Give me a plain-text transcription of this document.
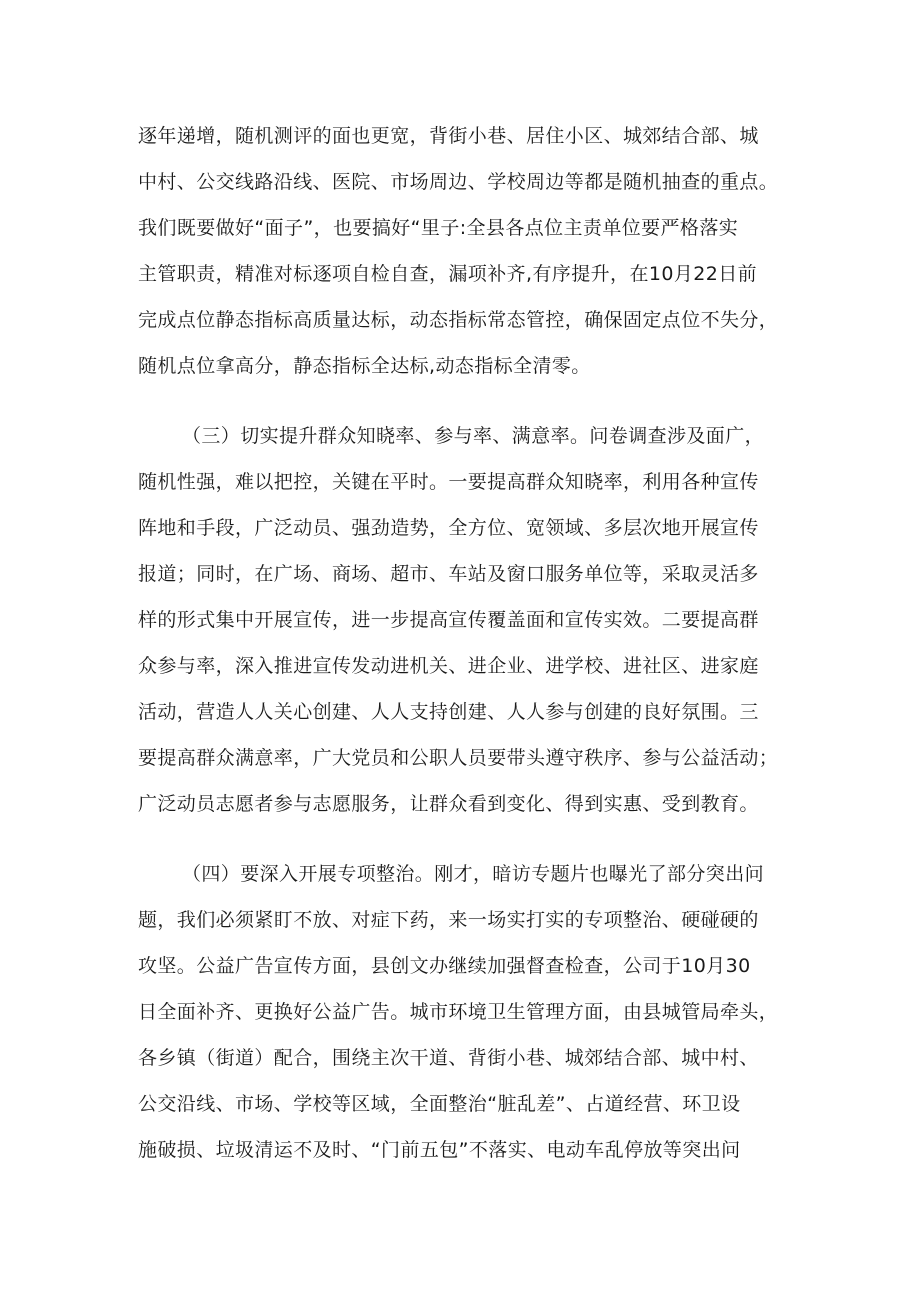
逐年递增，随机测评的面也更宽，背街小巷、居住小区、城郊结合部、城
中村、公交线路沿线、医院、市场周边、学校周边等都是随机抽查的重点。
我们既要做好“面子”，也要搞好“里子:全县各点位主责单位要严格落实
主管职责，精准对标逐项自检自查，漏项补齐,有序提升，在10月22日前
完成点位静态指标高质量达标，动态指标常态管控，确保固定点位不失分，
随机点位拿高分，静态指标全达标,动态指标全清零。
（三）切实提升群众知晓率、参与率、满意率。问卷调查涉及面广，
随机性强，难以把控，关键在平时。一要提高群众知晓率，利用各种宣传
阵地和手段，广泛动员、强劲造势，全方位、宽领域、多层次地开展宣传
报道；同时，在广场、商场、超市、车站及窗口服务单位等，采取灵活多
样的形式集中开展宣传，进一步提高宣传覆盖面和宣传实效。二要提高群
众参与率，深入推进宣传发动进机关、进企业、进学校、进社区、进家庭
活动，营造人人关心创建、人人支持创建、人人参与创建的良好氛围。三
要提高群众满意率，广大党员和公职人员要带头遵守秩序、参与公益活动；
广泛动员志愿者参与志愿服务，让群众看到变化、得到实惠、受到教育。
（四）要深入开展专项整治。刚才，暗访专题片也曝光了部分突出问
题，我们必须紧盯不放、对症下药，来一场实打实的专项整治、硬碰硬的
攻坚。公益广告宣传方面，县创文办继续加强督查检查，公司于10月30
日全面补齐、更换好公益广告。城市环境卫生管理方面，由县城管局牵头，
各乡镇（街道）配合，围绕主次干道、背街小巷、城郊结合部、城中村、
公交沿线、市场、学校等区域，全面整治“脏乱差”、占道经营、环卫设
施破损、垃圾清运不及时、“门前五包”不落实、电动车乱停放等突出问
